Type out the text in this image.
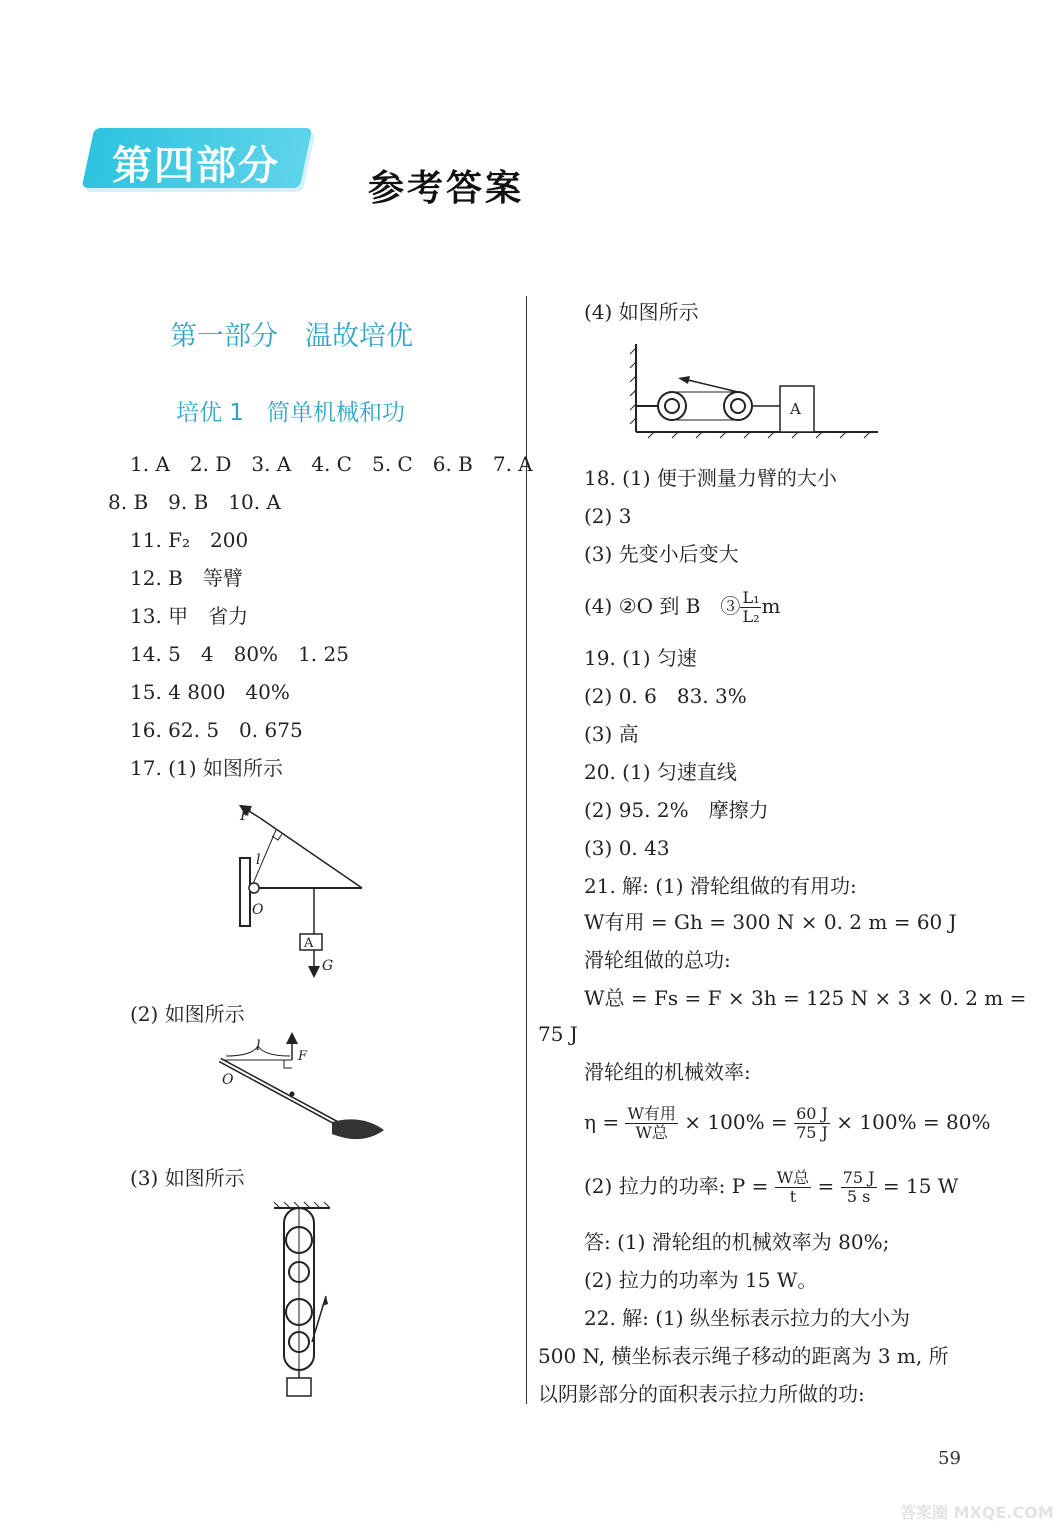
第四部分 参考答案
第一部分　温故培优
培优 1　简单机械和功
1. A　2. D　3. A　4. C　5. C　6. B　7. A
8. B　9. B　10. A
11. F₂　200
12. B　等臂
13. 甲　省力
14. 5　4　80%　1. 25
15. 4 800　40%
16. 62. 5　0. 675
17. (1) 如图所示
F
l
O
A
G
(2) 如图所示
l
F
O
(3) 如图所示
(4) 如图所示
A
18. (1) 便于测量力臂的大小
(2) 3
(3) 先变小后变大
(4) ②O 到 B　③ $\frac{\text{L₁}}{\text{L₂}}$ m
19. (1) 匀速
(2) 0. 6　83. 3%
(3) 高
20. (1) 匀速直线
(2) 95. 2%　摩擦力
(3) 0. 43
21. 解: (1) 滑轮组做的有用功:
W有用 = Gh = 300 N × 0. 2 m = 60 J
滑轮组做的总功:
W总 = Fs = F × 3h = 125 N × 3 × 0. 2 m =
75 J
滑轮组的机械效率:
$\eta = \frac{\text{W有用}}{\text{W总}} \times 100\% = \frac{60 J}{75 J} \times 100\% = 80\%$
(2) 拉力的功率: $P = \frac{\text{W总}}{t} = \frac{75 J}{5 s} = 15$ W
答: (1) 滑轮组的机械效率为 80%;
(2) 拉力的功率为 15 W。
22. 解: (1) 纵坐标表示拉力的大小为
500 N, 横坐标表示绳子移动的距离为 3 m, 所
以阴影部分的面积表示拉力所做的功:
59
答案圈 MXQE.COM
